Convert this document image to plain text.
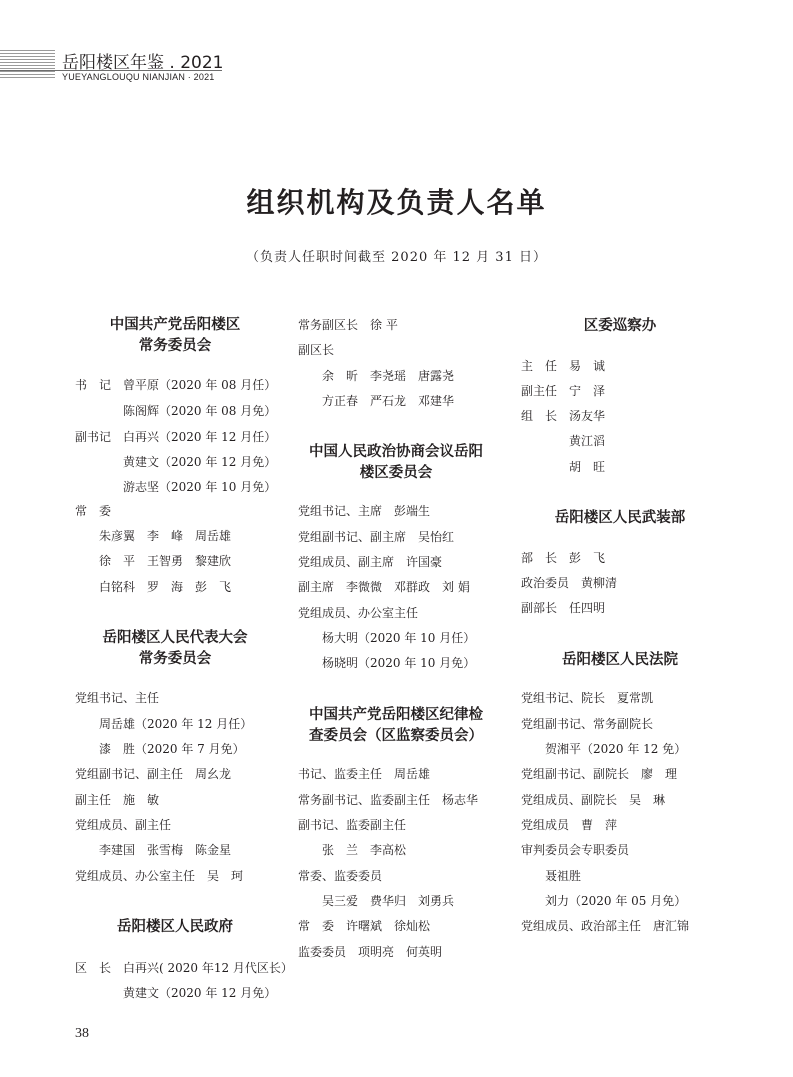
岳阳楼区年鉴 . 2021
YUEYANGLOUQU NIANJIAN · 2021
组织机构及负责人名单
（负责人任职时间截至 2020 年 12 月 31 日）
中国共产党岳阳楼区
常务委员会
书　记　曾平原（2020 年 08 月任）
陈阁辉（2020 年 08 月免）
副书记　白再兴（2020 年 12 月任）
黄建文（2020 年 12 月免）
游志坚（2020 年 10 月免）
常　委
朱彦翼　李　峰　周岳雄
徐　平　王智勇　黎建欣
白铭科　罗　海　彭　飞
岳阳楼区人民代表大会
常务委员会
党组书记、主任
周岳雄（2020 年 12 月任）
漆　胜（2020 年 7 月免）
党组副书记、副主任　周幺龙
副主任　施　敏
党组成员、副主任
李建国　张雪梅　陈金星
党组成员、办公室主任　吴　珂
岳阳楼区人民政府
区　长　白再兴( 2020 年12 月代区长）
黄建文（2020 年 12 月免）
常务副区长　徐 平
副区长
余　昕　李尧瑶　唐露尧
方正春　严石龙　邓建华
中国人民政治协商会议岳阳
楼区委员会
党组书记、主席　彭端生
党组副书记、副主席　吴怡红
党组成员、副主席　许国豪
副主席　李微微　邓群政　刘 娟
党组成员、办公室主任
杨大明（2020 年 10 月任）
杨晓明（2020 年 10 月免）
中国共产党岳阳楼区纪律检
查委员会（区监察委员会）
书记、监委主任　周岳雄
常务副书记、监委副主任　杨志华
副书记、监委副主任
张　兰　李高松
常委、监委委员
吴三爱　费华归　刘勇兵
常　委　许曙斌　徐灿松
监委委员　项明亮　何英明
区委巡察办
主　任　易　诚
副主任　宁　泽
组　长　汤友华
黄江滔
胡　旺
岳阳楼区人民武装部
部　长　彭　飞
政治委员　黄柳清
副部长　任四明
岳阳楼区人民法院
党组书记、院长　夏常凯
党组副书记、常务副院长
贺湘平（2020 年 12 免）
党组副书记、副院长　廖　理
党组成员、副院长　吴　琳
党组成员　曹　萍
审判委员会专职委员
聂祖胜
刘力（2020 年 05 月免）
党组成员、政治部主任　唐汇锦
38
